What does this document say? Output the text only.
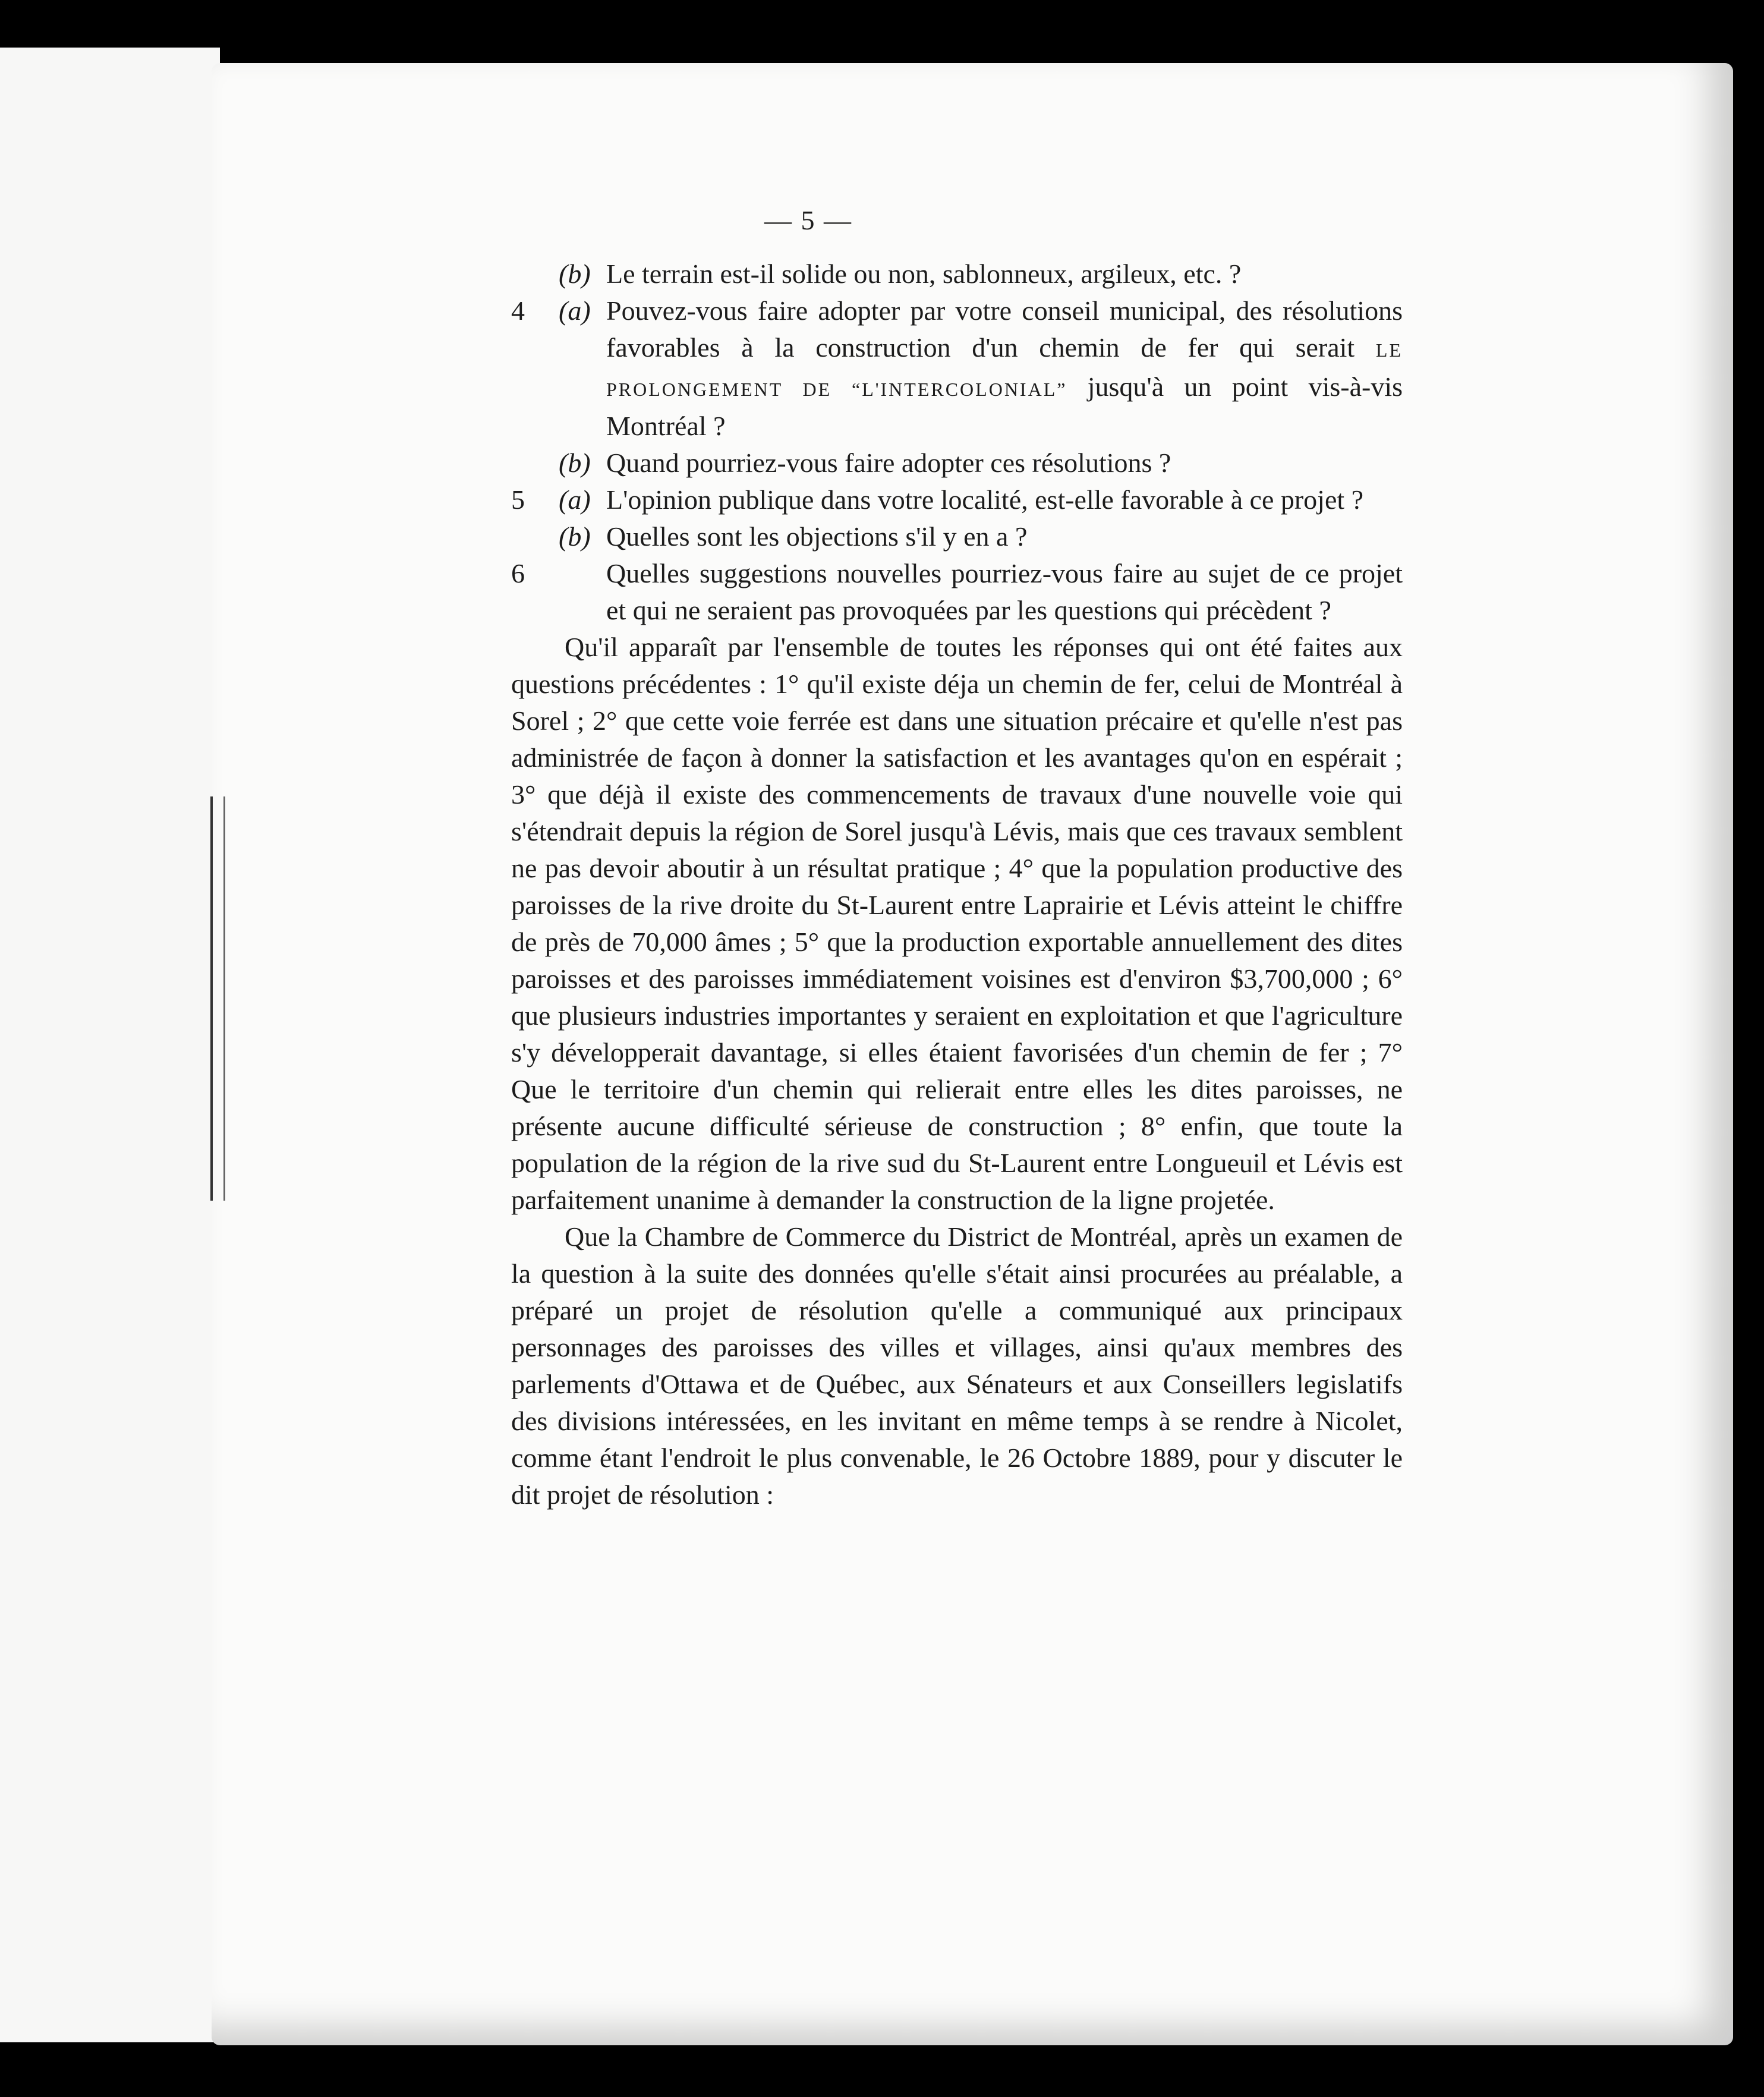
— 5 —
(b) Le terrain est-il solide ou non, sablonneux, argileux, etc. ?
4	(a) Pouvez-vous faire adopter par votre conseil municipal, des résolutions favorables à la construction d'un chemin de fer qui serait LE PROLONGEMENT DE “L'INTERCOLONIAL” jusqu'à un point vis-à-vis Montréal ?
(b) Quand pourriez-vous faire adopter ces résolutions ?
5	(a) L'opinion publique dans votre localité, est-elle favorable à ce projet ?
(b) Quelles sont les objections s'il y en a ?
6	Quelles suggestions nouvelles pourriez-vous faire au sujet de ce projet et qui ne seraient pas provoquées par les questions qui précèdent ?

Qu'il apparaît par l'ensemble de toutes les réponses qui ont été faites aux questions précédentes : 1° qu'il existe déja un chemin de fer, celui de Montréal à Sorel ; 2° que cette voie ferrée est dans une situation précaire et qu'elle n'est pas administrée de façon à donner la satisfaction et les avantages qu'on en espérait ; 3° que déjà il existe des commencements de travaux d'une nouvelle voie qui s'étendrait depuis la région de Sorel jusqu'à Lévis, mais que ces travaux semblent ne pas devoir aboutir à un résultat pratique ; 4° que la population productive des paroisses de la rive droite du St-Laurent entre Laprairie et Lévis atteint le chiffre de près de 70,000 âmes ; 5° que la production exportable annuellement des dites paroisses et des paroisses immédiatement voisines est d'environ $3,700,000 ; 6° que plusieurs industries importantes y seraient en exploitation et que l'agriculture s'y développerait davantage, si elles étaient favorisées d'un chemin de fer ; 7° Que le territoire d'un chemin qui relierait entre elles les dites paroisses, ne présente aucune difficulté sérieuse de construction ; 8° enfin, que toute la population de la région de la rive sud du St-Laurent entre Longueuil et Lévis est parfaitement unanime à demander la construction de la ligne projetée.

Que la Chambre de Commerce du District de Montréal, après un examen de la question à la suite des données qu'elle s'était ainsi procurées au préalable, a préparé un projet de résolution qu'elle a communiqué aux principaux personnages des paroisses des villes et villages, ainsi qu'aux membres des parlements d'Ottawa et de Québec, aux Sénateurs et aux Conseillers legislatifs des divisions intéressées, en les invitant en même temps à se rendre à Nicolet, comme étant l'endroit le plus convenable, le 26 Octobre 1889, pour y discuter le dit projet de résolution :
